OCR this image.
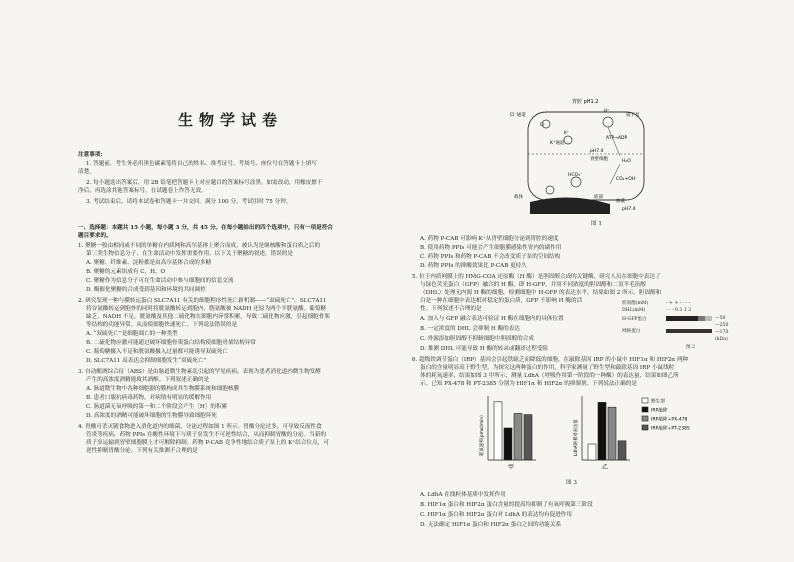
生物学试卷
注意事项:
1. 答题前，考生务必用黑色碳素笔将自己的姓名、准考证号、考场号、座位号在答题卡上填写
清楚。
2. 每小题选出答案后，用 2B 铅笔把答题卡上对应题目的答案标号涂黑。如需改动，用橡皮擦干
净后，再选涂其他答案标号。在试题卷上作答无效。
3. 考试结束后，请将本试卷和答题卡一并交回。满分 100 分，考试用时 75 分钟。
一、选择题：本题共 15 小题，每小题 3 分，共 45 分。在每小题给出的四个选项中，只有一项是符合
题目要求的。
1. 聚糖一般由相同或不同的单糖在内质网和高尔基体上聚合而成，被认为是继核酸和蛋白质之后的
第三类生物信息分子，在生命活动中发挥重要作用。以下关于聚糖的叙述，错误的是
A. 聚糖、纤维素、淀粉都是由高尔基体合成的多糖
B. 聚糖的元素组成有 C、H、O
C. 聚糖作为信息分子可在生命活动中参与细胞间的信息交流
D. 酶催化聚糖的合成受到基因和环境的共同调控
2. 研究发现一种与膜转运蛋白 SLC7A11 有关的细胞程序性死亡新机制——“双硫死亡”。SLC7A11
将谷氨酸转运到胞外的同时将胱氨酸转运到胞内，胱氨酸被 NADH 还原为两个半胱氨酸。葡萄糖
缺乏，NADH 不足，胱氨酸及其他二硫化物在细胞内异常积累，导致二硫化物应激，引起细胞骨架
等结构的功能异常，从而使细胞快速死亡。下列说法错误的是
A. “双硫死亡”是细胞凋亡的一种类型
B. 二硫化物应激可能通过破坏细胞骨架蛋白结构使细胞骨架结构异常
C. 葡萄糖摄入不足和胱氨酸摄入过量都可能诱导双硫死亡
D. SLC7A11 高表达会抑制细胞发生“双硫死亡”
3. 自动酿酒综合征（ABS）是由肠道微生物紊乱引起的罕见疾病，表现为患者消化道内微生物发酵
产生的高浓度酒精能致其酒醉。下列叙述正确的是
A. 肠道微生物中各种细胞器的膜构成其生物膜系统和细胞核膜
B. 患者口服抗病毒药物，对病情有明显的缓解作用
C. 肠道菌无氧呼吸的第一和二个阶段会产生［H］的积累
D. 高浓度的酒精可能破坏细胞的生物膜导致细胞坏死
4. 胃酸可杀灭随食物进入消化道内的细菌，分泌过程如图 1 所示。胃酸分泌过多，可导致反流性食
管炎等疾病。药物 PPIs 在酸性环境下与质子泵发生不可逆性结合，从而抑制胃酸的分泌。当新的
质子泵运输到胃壁细胞膜上才可解除抑制。药物 P-CAB 竞争性地结合质子泵上的 K⁺结合位点，可
逆性抑制胃酸分泌。下列有关推测不合理的是
胃腔 pH1.2
Cl⁻通道
K⁺通道
质子泵
ATP→ADP
pH7.4
胃壁细胞	H₂O
CO₂+OH⁻
HCO₃⁻
载体
血液
pH7.4
底部
Cl⁻
K⁺
H⁺
图 1
A. 药物 P-CAB 可影响 K⁺从胃壁细胞分泌到胃腔的速度
B. 使用药物 PPIs 可能会产生细胞膜感染性胃内的副作用
C. 药物 PPIs 和药物 P-CAB 不会改变质子泵的空间结构
D. 药物 PPIs 的抑酸效果比 P-CAB 更持久
5. 位于内质网膜上的 HMG-COA 还原酶（H 酶）是胆固醇合成的关键酶，研究人员在细胞中表达了
与绿色荧光蛋白（GFP）融合的 H 酶，即 H-GFP，并用不同浓度的胆固醇和二氢羊毛甾醇
（DHL）处理无内源 H 酶的细胞，检测细胞中 H-GFP 的表达水平，结果如图 2 所示。胆固醇和
白是一种在细胞中表达相对稳定的蛋白质，GFP 不影响 H 酶的活
性。下列叙述不合理的是
A. 加入与 GFP 融合表达可验证 H 酶在细胞内的具体位置
B. 一定浓度的 DHL 会抑制 H 酶的表达
C. 外源添加胆固醇不抑制细胞中胆固醇的合成
D. 推测 DHL 可能导致 H 酶的转录或翻译过程受阻
胆固醇(mM)	- + + - - - -
DHL(mM)	- - - 0.3 1 3
H-GFP蛋白	—50
—250
网格蛋白	—170
(kDa)
图 2
6. 超级铁调节蛋白（IRP）基因会引起铁缺乏而降低的细胞，在敲除基因 IRP 的小鼠中 HIF1α 和 HIF2α 两种
蛋白的含量明显高于野生型，为探究这两种蛋白的作用，科学家测量了野生型和敲除基因 IRP 小鼠线粒
体的耗氧速率，结果如图 3 甲所示；测量 LdhA（呼吸作用第一阶段的一种酶）的表达量，结果如图乙所
示。已知 PX-478 和 PT-2385 分别为 HIF1α 和 HIF2α 的抑制剂。下列说法正确的是
甲
耗氧速率(pmol/min)
乙
LdhA的相对表达量
野生型
IRP敲除
IRP敲除+PX-478
IRP敲除+PT-2385
图 3
A. LdhA 在线粒体基质中发挥作用
B. HIF1α 蛋白和 HIF2α 蛋白含量的提高均抑制了有氧呼吸第三阶段
C. HIF1α 蛋白和 HIF2α 蛋白对 LdhA 的表达均有促进作用
D. 无法确定 HIF1α 蛋白和 HIF2α 蛋白之间的功能关系
